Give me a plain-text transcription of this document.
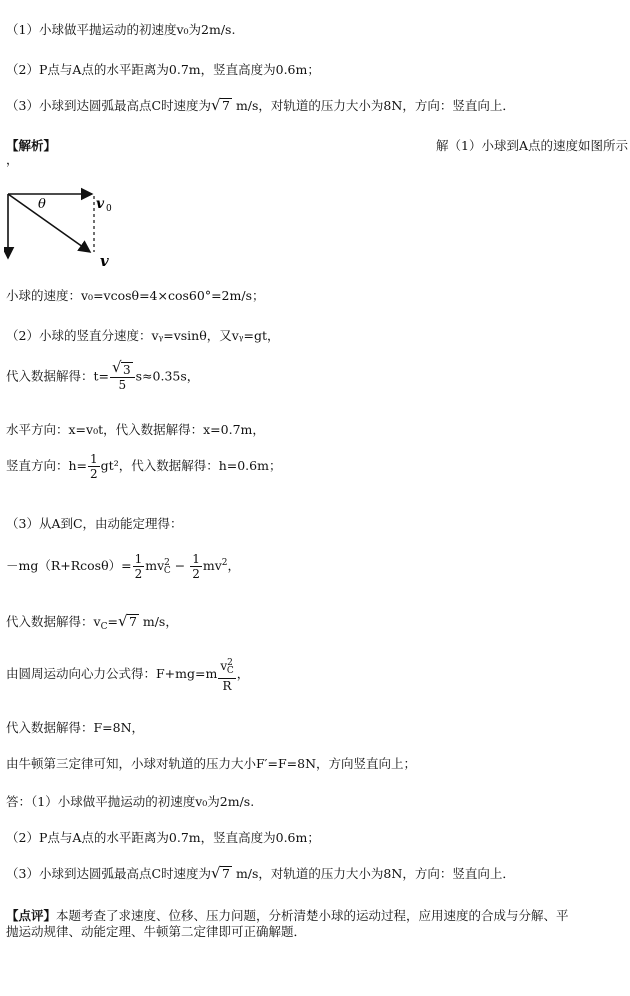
（1）小球做平抛运动的初速度v₀为2m/s.
（2）P点与A点的水平距离为0.7m，竖直高度为0.6m；
（3）小球到达圆弧最高点C时速度为√ 7 m/s，对轨道的压力大小为8N，方向：竖直向上．
【解析】	解（1）小球到A点的速度如图所示
，
θ	v 0
v
小球的速度：v₀=vcosθ=4×cos60°=2m/s；
（2）小球的竖直分速度：vᵧ=vsinθ，又vᵧ=gt，
代入数据解得：t=
√ $\frac{3}{5} s\approx 0.35s$，
水平方向：x=v₀t，代入数据解得：x=0.7m，
竖直方向：$h= \frac{1}{2} gt^2$，代入数据解得：h=0.6m；
（3）从A到C，由动能定理得：
$-mg(R+Rcos\theta)= \frac{1}{2} mv^2_C - \frac{1}{2} mv^2$，
代入数据解得：$v_C=√$ 7 m/s，
由圆周运动向心力公式得：$F+mg=m \frac{v^2_C}{R}$ ，
代入数据解得：F=8N，
由牛顿第三定律可知，小球对轨道的压力大小F′=F=8N，方向竖直向上；
答：（1）小球做平抛运动的初速度v₀为2m/s.
（2）P点与A点的水平距离为0.7m，竖直高度为0.6m；
（3）小球到达圆弧最高点C时速度为√ 7 m/s，对轨道的压力大小为8N，方向：竖直向上．
【点评】本题考查了求速度、位移、压力问题，分析清楚小球的运动过程，应用速度的合成与分解、平
抛运动规律、动能定理、牛顿第二定律即可正确解题．
